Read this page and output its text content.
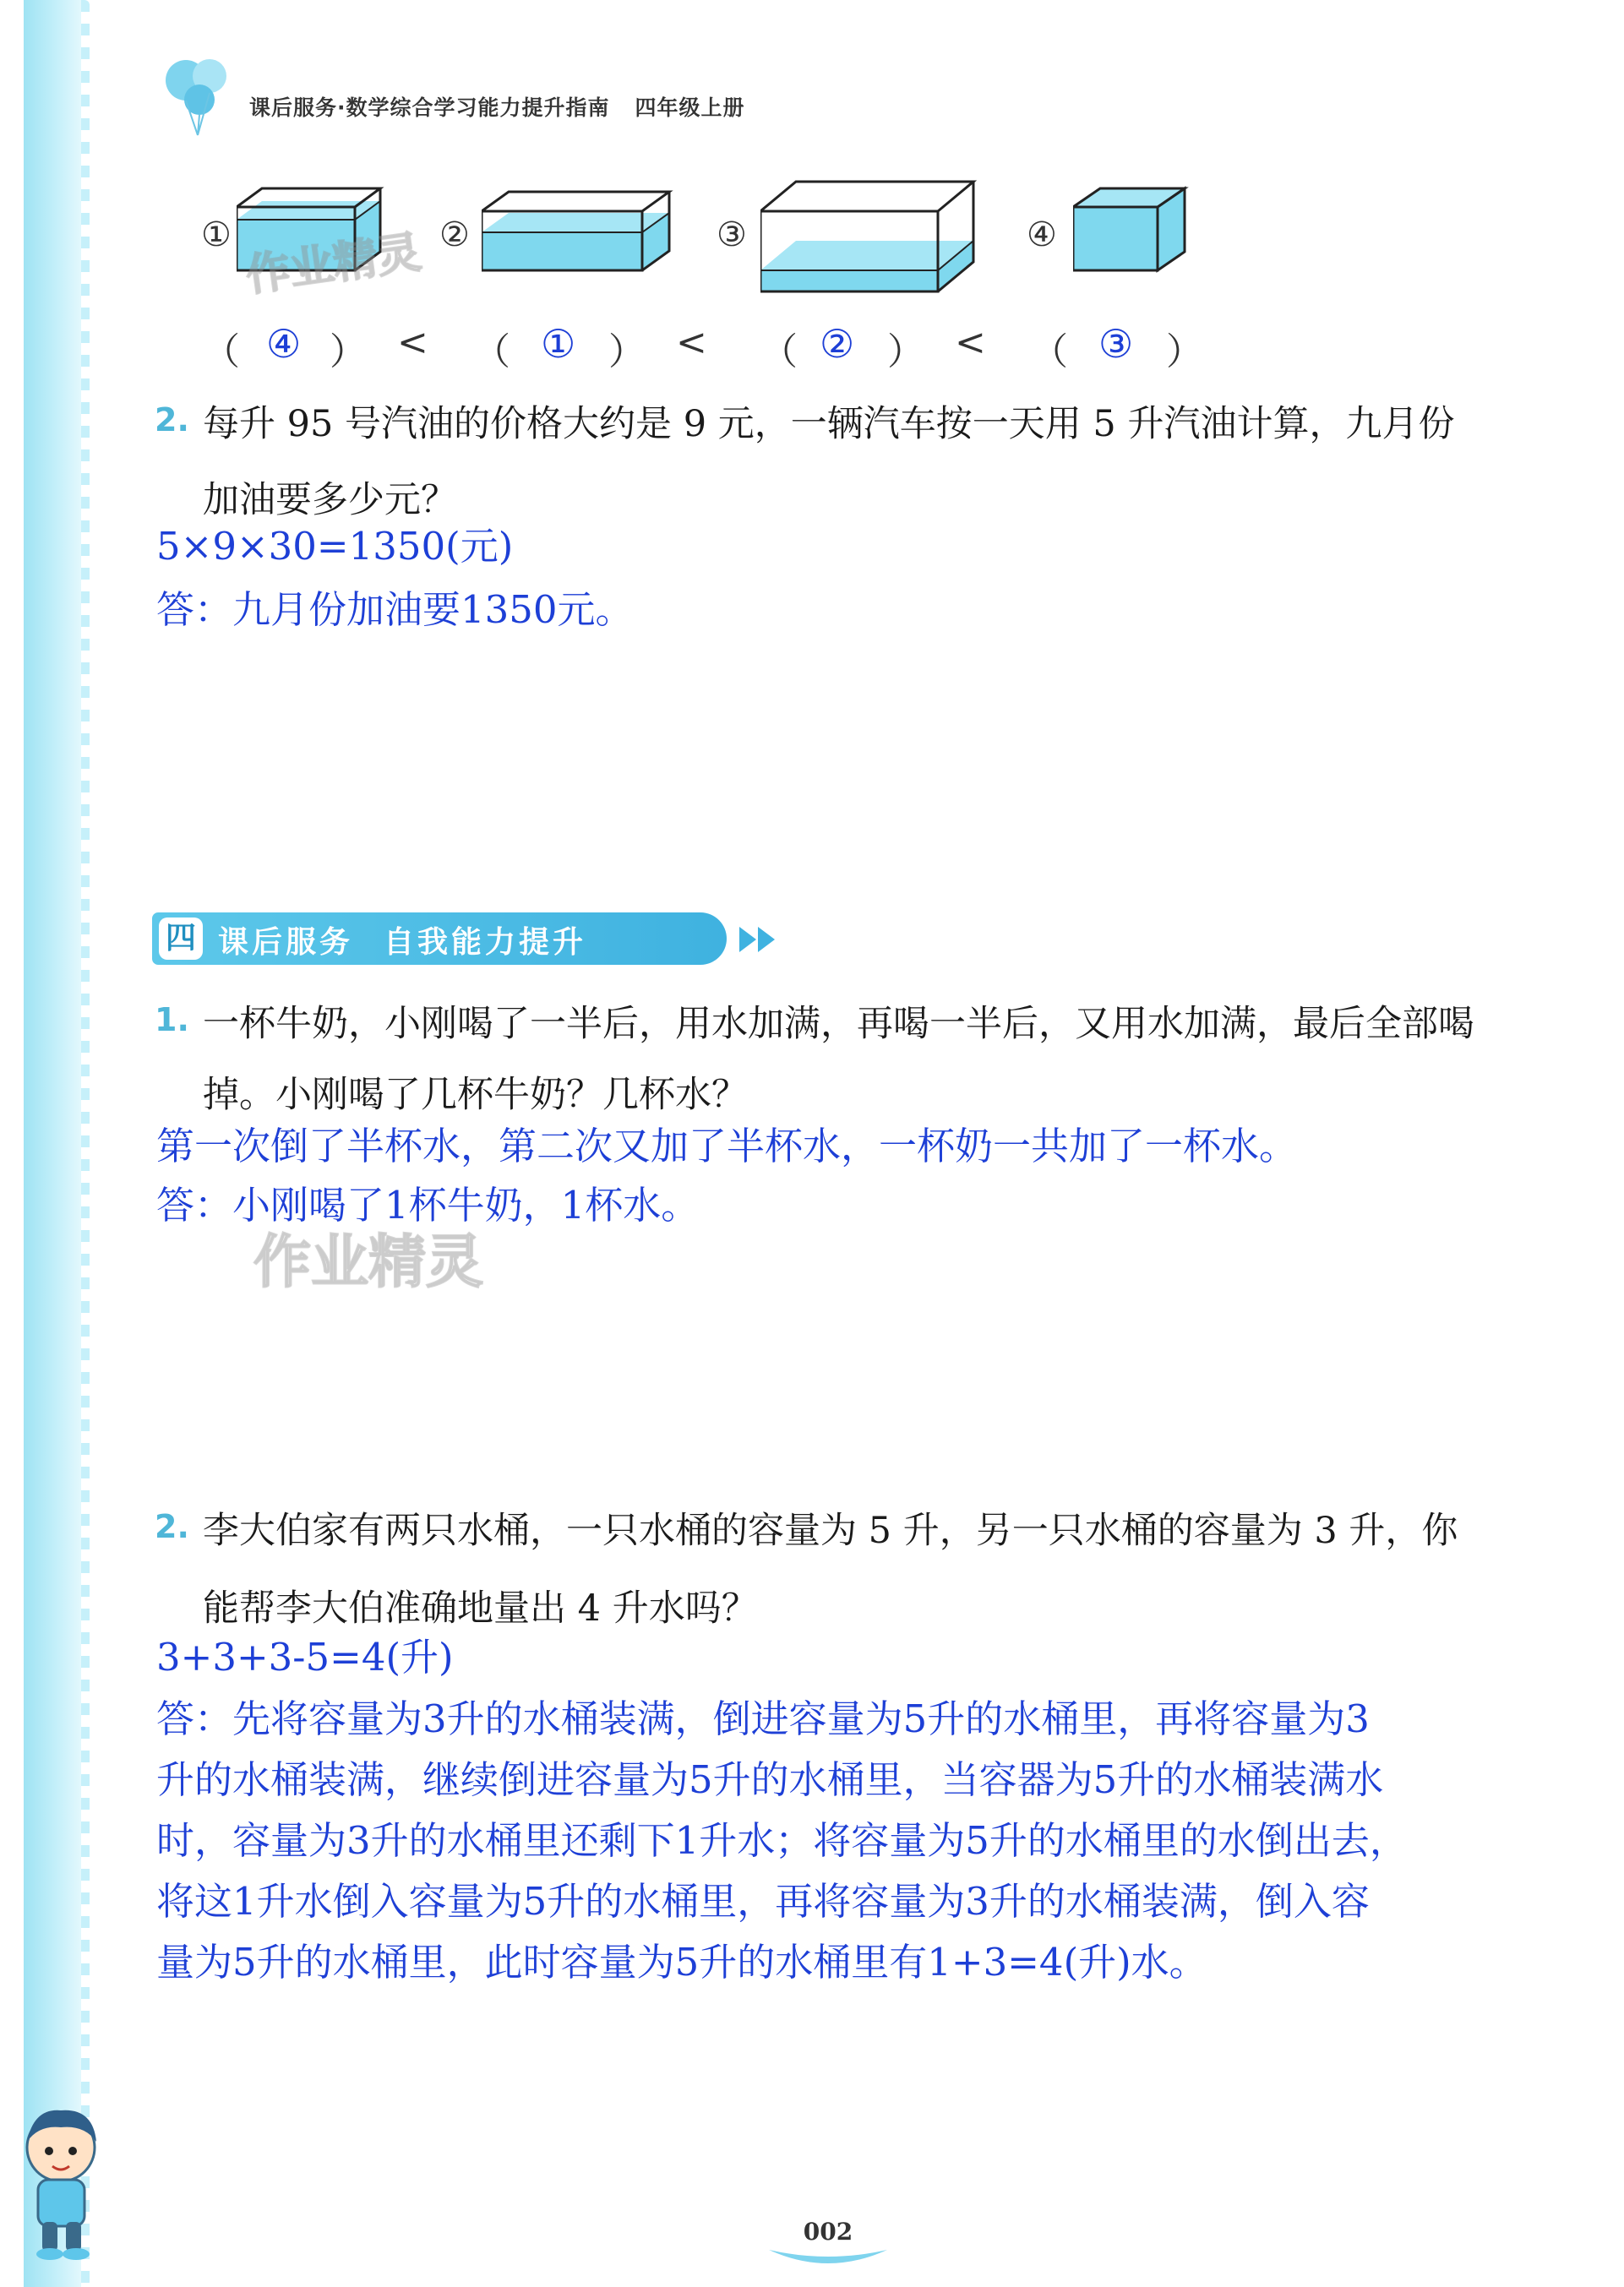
课后服务·数学综合学习能力提升指南 四年级上册
①	②	③	④
作业精灵
（ ④ ） < （ ① ） < （ ② ） < （ ③ ）
2. 每升 95 号汽油的价格大约是 9 元，一辆汽车按一天用 5 升汽油计算，九月份
加油要多少元？
5×9×30=1350(元)
答：九月份加油要1350元。
四 课后服务 自我能力提升
1. 一杯牛奶，小刚喝了一半后，用水加满，再喝一半后，又用水加满，最后全部喝
掉。小刚喝了几杯牛奶？几杯水？
第一次倒了半杯水，第二次又加了半杯水，一杯奶一共加了一杯水。
答：小刚喝了1杯牛奶，1杯水。
作业精灵
2. 李大伯家有两只水桶，一只水桶的容量为 5 升，另一只水桶的容量为 3 升，你
能帮李大伯准确地量出 4 升水吗？
3+3+3-5=4(升)
答：先将容量为3升的水桶装满，倒进容量为5升的水桶里，再将容量为3
升的水桶装满，继续倒进容量为5升的水桶里，当容器为5升的水桶装满水
时，容量为3升的水桶里还剩下1升水；将容量为5升的水桶里的水倒出去，
将这1升水倒入容量为5升的水桶里，再将容量为3升的水桶装满，倒入容
量为5升的水桶里，此时容量为5升的水桶里有1+3=4(升)水。
002
